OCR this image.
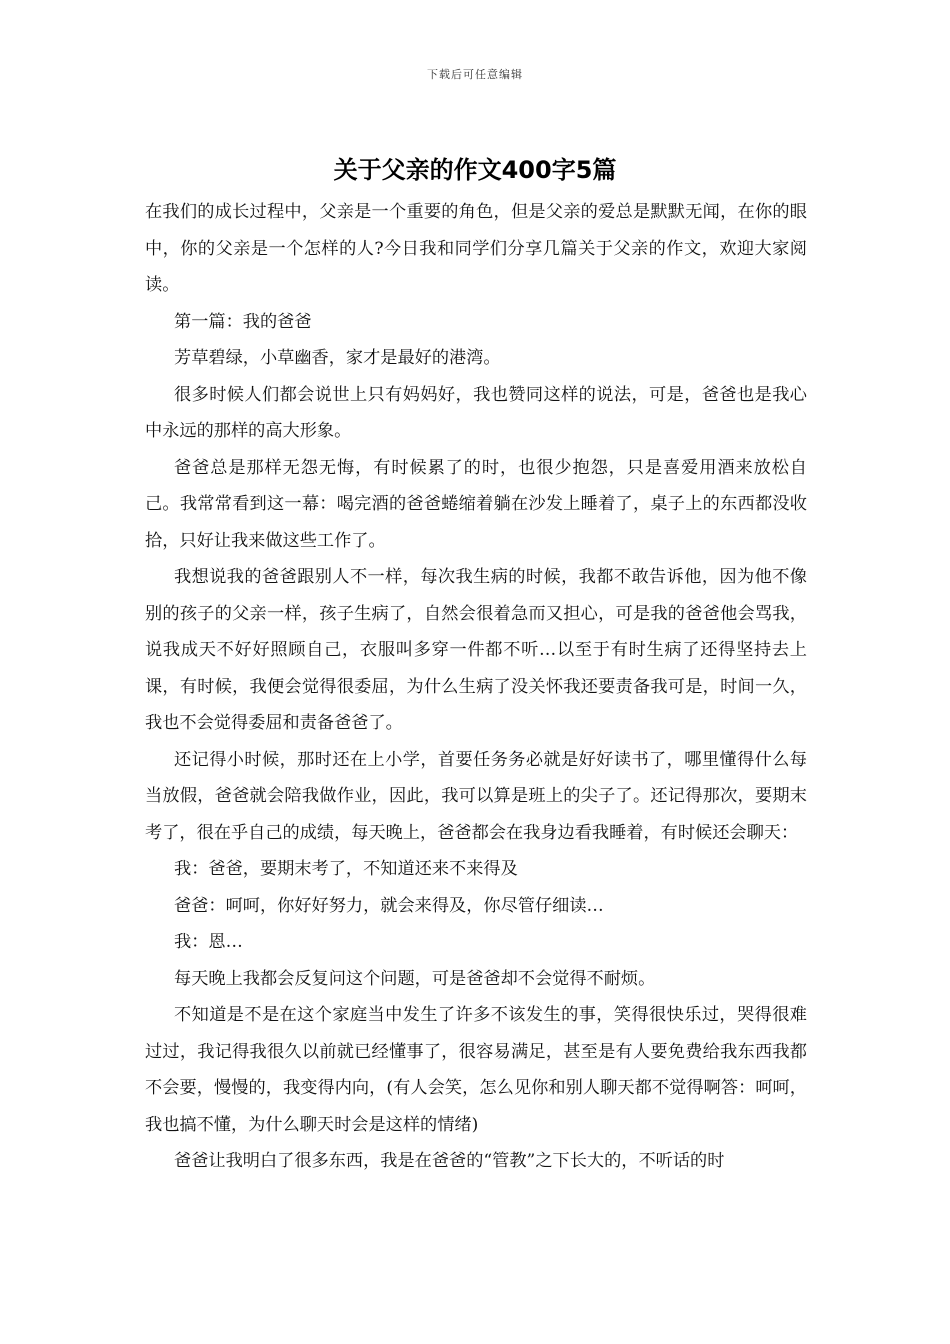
下载后可任意编辑
关于父亲的作文400字5篇

在我们的成长过程中，父亲是一个重要的角色，但是父亲的爱总是默默无闻，在你的眼中，你的父亲是一个怎样的人?今日我和同学们分享几篇关于父亲的作文，欢迎大家阅读。

第一篇：我的爸爸

芳草碧绿，小草幽香，家才是最好的港湾。

很多时候人们都会说世上只有妈妈好，我也赞同这样的说法，可是，爸爸也是我心中永远的那样的高大形象。

爸爸总是那样无怨无悔，有时候累了的时，也很少抱怨，只是喜爱用酒来放松自己。我常常看到这一幕：喝完酒的爸爸蜷缩着躺在沙发上睡着了，桌子上的东西都没收拾，只好让我来做这些工作了。

我想说我的爸爸跟别人不一样，每次我生病的时候，我都不敢告诉他，因为他不像别的孩子的父亲一样，孩子生病了，自然会很着急而又担心，可是我的爸爸他会骂我，说我成天不好好照顾自己，衣服叫多穿一件都不听…以至于有时生病了还得坚持去上课，有时候，我便会觉得很委屈，为什么生病了没关怀我还要责备我可是，时间一久，我也不会觉得委屈和责备爸爸了。

还记得小时候，那时还在上小学，首要任务务必就是好好读书了，哪里懂得什么每当放假，爸爸就会陪我做作业，因此，我可以算是班上的尖子了。还记得那次，要期末考了，很在乎自己的成绩，每天晚上，爸爸都会在我身边看我睡着，有时候还会聊天：

我：爸爸，要期末考了，不知道还来不来得及

爸爸：呵呵，你好好努力，就会来得及，你尽管仔细读…

我：恩…

每天晚上我都会反复问这个问题，可是爸爸却不会觉得不耐烦。

不知道是不是在这个家庭当中发生了许多不该发生的事，笑得很快乐过，哭得很难过过，我记得我很久以前就已经懂事了，很容易满足，甚至是有人要免费给我东西我都不会要，慢慢的，我变得内向，(有人会笑，怎么见你和别人聊天都不觉得啊答：呵呵，我也搞不懂，为什么聊天时会是这样的情绪)

爸爸让我明白了很多东西，我是在爸爸的“管教”之下长大的，不听话的时
